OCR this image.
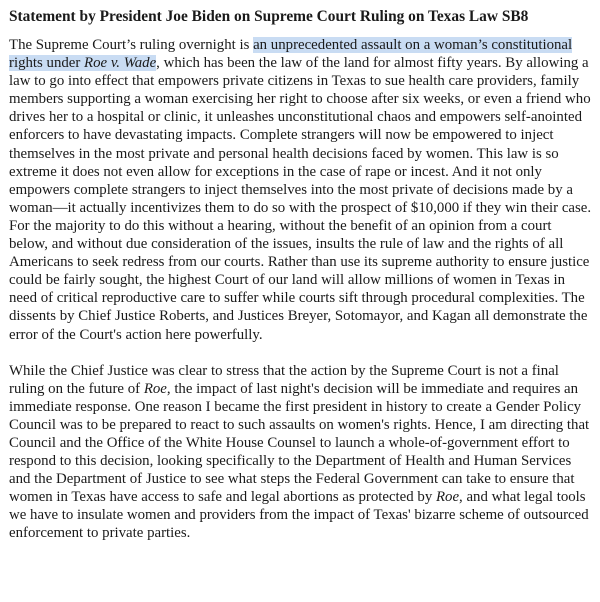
Statement by President Joe Biden on Supreme Court Ruling on Texas Law SB8

The Supreme Court’s ruling overnight is an unprecedented assault on a woman’s constitutional rights under Roe v. Wade, which has been the law of the land for almost fifty years. By allowing a law to go into effect that empowers private citizens in Texas to sue health care providers, family members supporting a woman exercising her right to choose after six weeks, or even a friend who drives her to a hospital or clinic, it unleashes unconstitutional chaos and empowers self-anointed enforcers to have devastating impacts. Complete strangers will now be empowered to inject themselves in the most private and personal health decisions faced by women. This law is so extreme it does not even allow for exceptions in the case of rape or incest. And it not only empowers complete strangers to inject themselves into the most private of decisions made by a woman—it actually incentivizes them to do so with the prospect of $10,000 if they win their case. For the majority to do this without a hearing, without the benefit of an opinion from a court below, and without due consideration of the issues, insults the rule of law and the rights of all Americans to seek redress from our courts. Rather than use its supreme authority to ensure justice could be fairly sought, the highest Court of our land will allow millions of women in Texas in need of critical reproductive care to suffer while courts sift through procedural complexities. The dissents by Chief Justice Roberts, and Justices Breyer, Sotomayor, and Kagan all demonstrate the error of the Court's action here powerfully.

While the Chief Justice was clear to stress that the action by the Supreme Court is not a final ruling on the future of Roe, the impact of last night's decision will be immediate and requires an immediate response. One reason I became the first president in history to create a Gender Policy Council was to be prepared to react to such assaults on women's rights. Hence, I am directing that Council and the Office of the White House Counsel to launch a whole-of-government effort to respond to this decision, looking specifically to the Department of Health and Human Services and the Department of Justice to see what steps the Federal Government can take to ensure that women in Texas have access to safe and legal abortions as protected by Roe, and what legal tools we have to insulate women and providers from the impact of Texas' bizarre scheme of outsourced enforcement to private parties.
